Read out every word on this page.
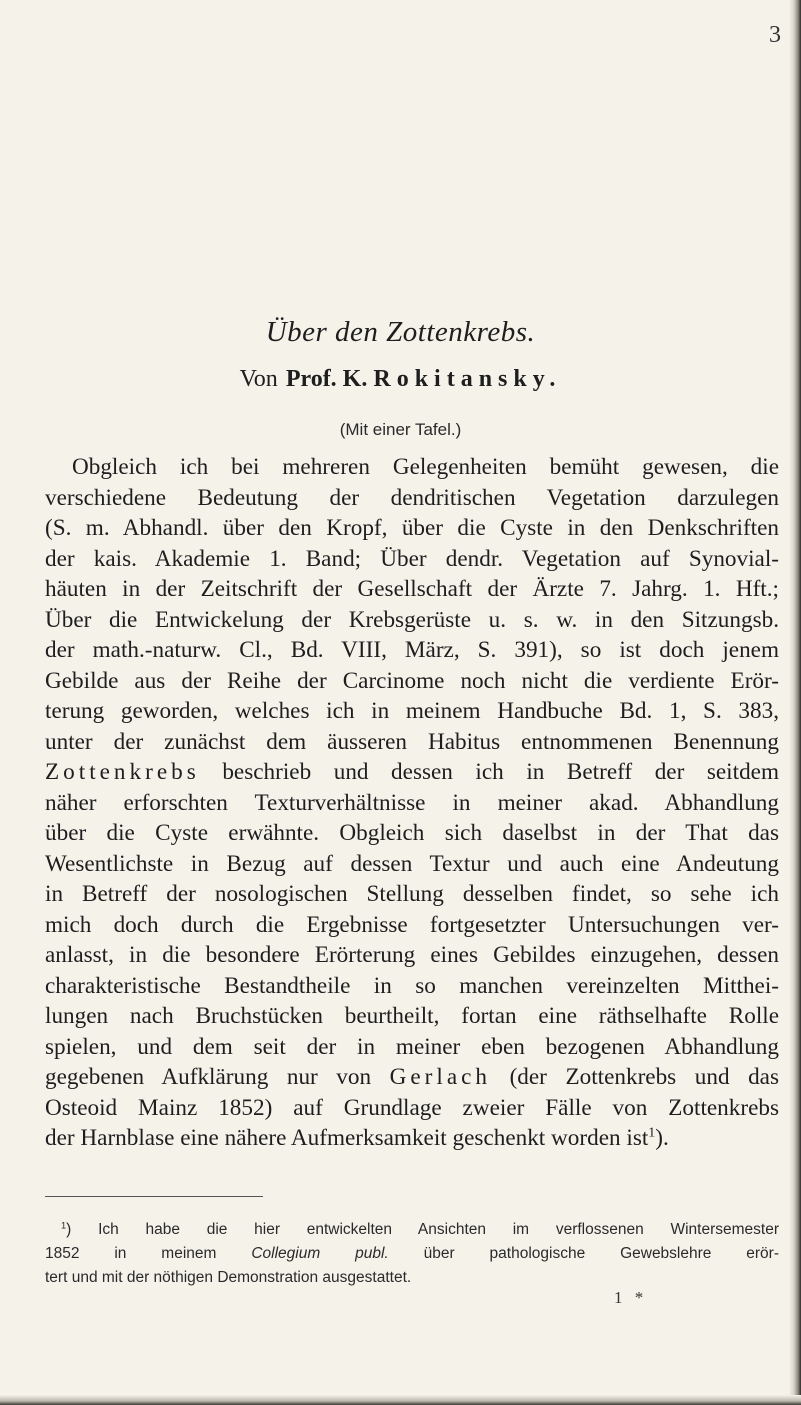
3
Über den Zottenkrebs.
Von Prof. K. Rokitansky.
(Mit einer Tafel.)
Obgleich ich bei mehreren Gelegenheiten bemüht gewesen, die
verschiedene Bedeutung der dendritischen Vegetation darzulegen
(S. m. Abhandl. über den Kropf, über die Cyste in den Denkschriften
der kais. Akademie 1. Band; Über dendr. Vegetation auf Synovial-
häuten in der Zeitschrift der Gesellschaft der Ärzte 7. Jahrg. 1. Hft.;
Über die Entwickelung der Krebsgerüste u. s. w. in den Sitzungsb.
der math.-naturw. Cl., Bd. VIII, März, S. 391), so ist doch jenem
Gebilde aus der Reihe der Carcinome noch nicht die verdiente Erör-
terung geworden, welches ich in meinem Handbuche Bd. 1, S. 383,
unter der zunächst dem äusseren Habitus entnommenen Benennung
Zottenkrebs beschrieb und dessen ich in Betreff der seitdem
näher erforschten Texturverhältnisse in meiner akad. Abhandlung
über die Cyste erwähnte. Obgleich sich daselbst in der That das
Wesentlichste in Bezug auf dessen Textur und auch eine Andeutung
in Betreff der nosologischen Stellung desselben findet, so sehe ich
mich doch durch die Ergebnisse fortgesetzter Untersuchungen ver-
anlasst, in die besondere Erörterung eines Gebildes einzugehen, dessen
charakteristische Bestandtheile in so manchen vereinzelten Mitthei-
lungen nach Bruchstücken beurtheilt, fortan eine räthselhafte Rolle
spielen, und dem seit der in meiner eben bezogenen Abhandlung
gegebenen Aufklärung nur von Gerlach (der Zottenkrebs und das
Osteoid Mainz 1852) auf Grundlage zweier Fälle von Zottenkrebs
der Harnblase eine nähere Aufmerksamkeit geschenkt worden ist$^1$).
$^1$) Ich habe die hier entwickelten Ansichten im verflossenen Wintersemester
1852 in meinem Collegium publ. über pathologische Gewebslehre erör-
tert und mit der nöthigen Demonstration ausgestattet.
1 *
